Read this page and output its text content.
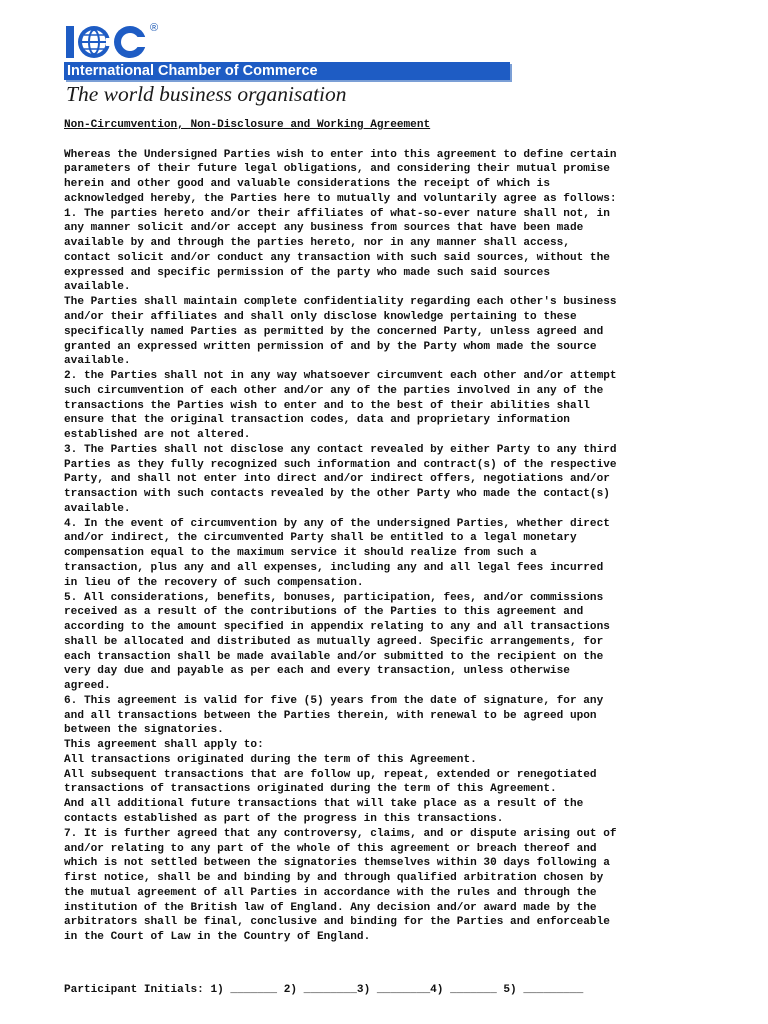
®
International Chamber of Commerce
The world business organisation
Non-Circumvention, Non-Disclosure and Working Agreement
Whereas the Undersigned Parties wish to enter into this agreement to define certain
parameters of their future legal obligations, and considering their mutual promise
herein and other good and valuable considerations the receipt of which is
acknowledged hereby, the Parties here to mutually and voluntarily agree as follows:
1. The parties hereto and/or their affiliates of what-so-ever nature shall not, in
any manner solicit and/or accept any business from sources that have been made
available by and through the parties hereto, nor in any manner shall access,
contact solicit and/or conduct any transaction with such said sources, without the
expressed and specific permission of the party who made such said sources
available.
The Parties shall maintain complete confidentiality regarding each other's business
and/or their affiliates and shall only disclose knowledge pertaining to these
specifically named Parties as permitted by the concerned Party, unless agreed and
granted an expressed written permission of and by the Party whom made the source
available.
2. the Parties shall not in any way whatsoever circumvent each other and/or attempt
such circumvention of each other and/or any of the parties involved in any of the
transactions the Parties wish to enter and to the best of their abilities shall
ensure that the original transaction codes, data and proprietary information
established are not altered.
3. The Parties shall not disclose any contact revealed by either Party to any third
Parties as they fully recognized such information and contract(s) of the respective
Party, and shall not enter into direct and/or indirect offers, negotiations and/or
transaction with such contacts revealed by the other Party who made the contact(s)
available.
4. In the event of circumvention by any of the undersigned Parties, whether direct
and/or indirect, the circumvented Party shall be entitled to a legal monetary
compensation equal to the maximum service it should realize from such a
transaction, plus any and all expenses, including any and all legal fees incurred
in lieu of the recovery of such compensation.
5. All considerations, benefits, bonuses, participation, fees, and/or commissions
received as a result of the contributions of the Parties to this agreement and
according to the amount specified in appendix relating to any and all transactions
shall be allocated and distributed as mutually agreed. Specific arrangements, for
each transaction shall be made available and/or submitted to the recipient on the
very day due and payable as per each and every transaction, unless otherwise
agreed.
6. This agreement is valid for five (5) years from the date of signature, for any
and all transactions between the Parties therein, with renewal to be agreed upon
between the signatories.
This agreement shall apply to:
All transactions originated during the term of this Agreement.
All subsequent transactions that are follow up, repeat, extended or renegotiated
transactions of transactions originated during the term of this Agreement.
And all additional future transactions that will take place as a result of the
contacts established as part of the progress in this transactions.
7. It is further agreed that any controversy, claims, and or dispute arising out of
and/or relating to any part of the whole of this agreement or breach thereof and
which is not settled between the signatories themselves within 30 days following a
first notice, shall be and binding by and through qualified arbitration chosen by
the mutual agreement of all Parties in accordance with the rules and through the
institution of the British law of England. Any decision and/or award made by the
arbitrators shall be final, conclusive and binding for the Parties and enforceable
in the Court of Law in the Country of England.
Participant Initials: 1) _______ 2) ________3) ________4) _______ 5) _________
